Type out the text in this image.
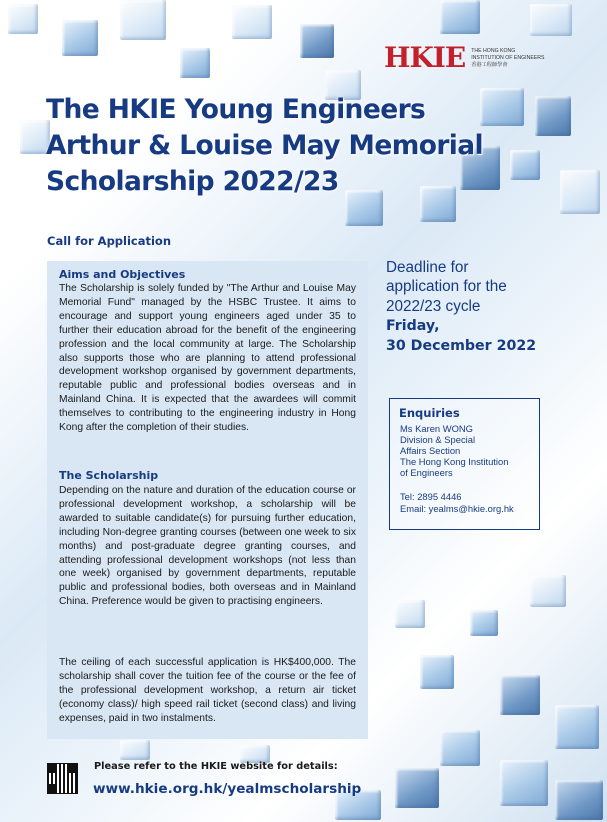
HKIE THE HONG KONG
INSTITUTION OF ENGINEERS
香港工程師學會
The HKIE Young Engineers
Arthur & Louise May Memorial
Scholarship 2022/23
Call for Application
Aims and Objectives
The Scholarship is solely funded by "The Arthur and Louise May Memorial Fund" managed by the HSBC Trustee. It aims to encourage and support young engineers aged under 35 to further their education abroad for the benefit of the engineering profession and the local community at large. The Scholarship also supports those who are planning to attend professional development workshop organised by government departments, reputable public and professional bodies overseas and in Mainland China. It is expected that the awardees will commit themselves to contributing to the engineering industry in Hong Kong after the completion of their studies.
The Scholarship
Depending on the nature and duration of the education course or professional development workshop, a scholarship will be awarded to suitable candidate(s) for pursuing further education, including Non-degree granting courses (between one week to six months) and post-graduate degree granting courses, and attending professional development workshops (not less than one week) organised by government departments, reputable public and professional bodies, both overseas and in Mainland China. Preference would be given to practising engineers.
The ceiling of each successful application is HK$400,000. The scholarship shall cover the tuition fee of the course or the fee of the professional development workshop, a return air ticket (economy class)/ high speed rail ticket (second class) and living expenses, paid in two instalments.
Deadline for
application for the
2022/23 cycle
Friday,
30 December 2022
Enquiries
Ms Karen WONG
Division & Special
Affairs Section
The Hong Kong Institution
of Engineers
Tel: 2895 4446
Email: yealms@hkie.org.hk
Please refer to the HKIE website for details:
www.hkie.org.hk/yealmscholarship
